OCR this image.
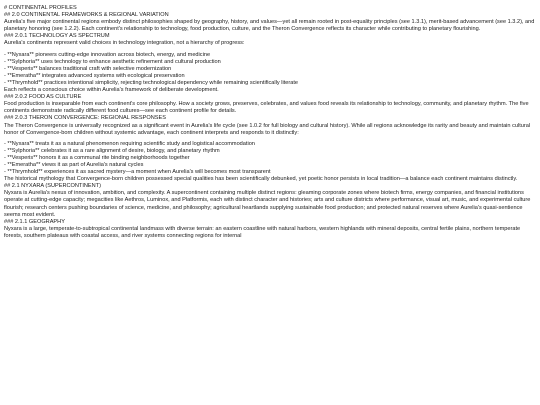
# CONTINENTAL PROFILES

## 2.0 CONTINENTAL FRAMEWORKS & REGIONAL VARIATION

Aurelia's five major continental regions embody distinct philosophies shaped by geography, history, and values—yet all remain rooted in post-equality principles (see 1.3.1), merit-based advancement (see 1.3.2), and planetary honoring (see 1.2.2). Each continent's relationship to technology, food production, culture, and the Theron Convergence reflects its character while contributing to planetary flourishing.

### 2.0.1 TECHNOLOGY AS SPECTRUM

Aurelia's continents represent valid choices in technology integration, not a hierarchy of progress:

- **Nyxara** pioneers cutting-edge innovation across biotech, energy, and medicine

- **Sylphoria** uses technology to enhance aesthetic refinement and cultural production

- **Vesperis** balances traditional craft with selective modernization

- **Emeratha** integrates advanced systems with ecological preservation

- **Thrymhold** practices intentional simplicity, rejecting technological dependency while remaining scientifically literate

Each reflects a conscious choice within Aurelia's framework of deliberate development.

### 2.0.2 FOOD AS CULTURE

Food production is inseparable from each continent's core philosophy. How a society grows, preserves, celebrates, and values food reveals its relationship to technology, community, and planetary rhythm. The five continents demonstrate radically different food cultures—see each continent profile for details.

### 2.0.3 THERON CONVERGENCE: REGIONAL RESPONSES

The Theron Convergence is universally recognized as a significant event in Aurelia's life cycle (see 1.0.2 for full biology and cultural history). While all regions acknowledge its rarity and beauty and maintain cultural honor of Convergence-born children without systemic advantage, each continent interprets and responds to it distinctly:

- **Nyxara** treats it as a natural phenomenon requiring scientific study and logistical accommodation

- **Sylphoria** celebrates it as a rare alignment of desire, biology, and planetary rhythm

- **Vesperis** honors it as a communal rite binding neighborhoods together

- **Emeratha** views it as part of Aurelia's natural cycles

- **Thrymhold** experiences it as sacred mystery—a moment when Aurelia's will becomes most transparent

The historical mythology that Convergence-born children possessed special qualities has been scientifically debunked, yet poetic honor persists in local tradition—a balance each continent maintains distinctly.

## 2.1 NYXARA (SUPERCONTINENT)

Nyxara is Aurelia's nexus of innovation, ambition, and complexity. A supercontinent containing multiple distinct regions: gleaming corporate zones where biotech firms, energy companies, and financial institutions operate at cutting-edge capacity; megacities like Aethros, Luminox, and Platformis, each with distinct character and histories; arts and culture districts where performance, visual art, music, and experimental culture flourish; research centers pushing boundaries of science, medicine, and philosophy; agricultural heartlands supplying sustainable food production; and protected natural reserves where Aurelia's quasi-sentience seems most evident.

### 2.1.1 GEOGRAPHY

Nyxara is a large, temperate-to-subtropical continental landmass with diverse terrain: an eastern coastline with natural harbors, western highlands with mineral deposits, central fertile plains, northern temperate forests, southern plateaus with coastal access, and river systems connecting regions for internal
